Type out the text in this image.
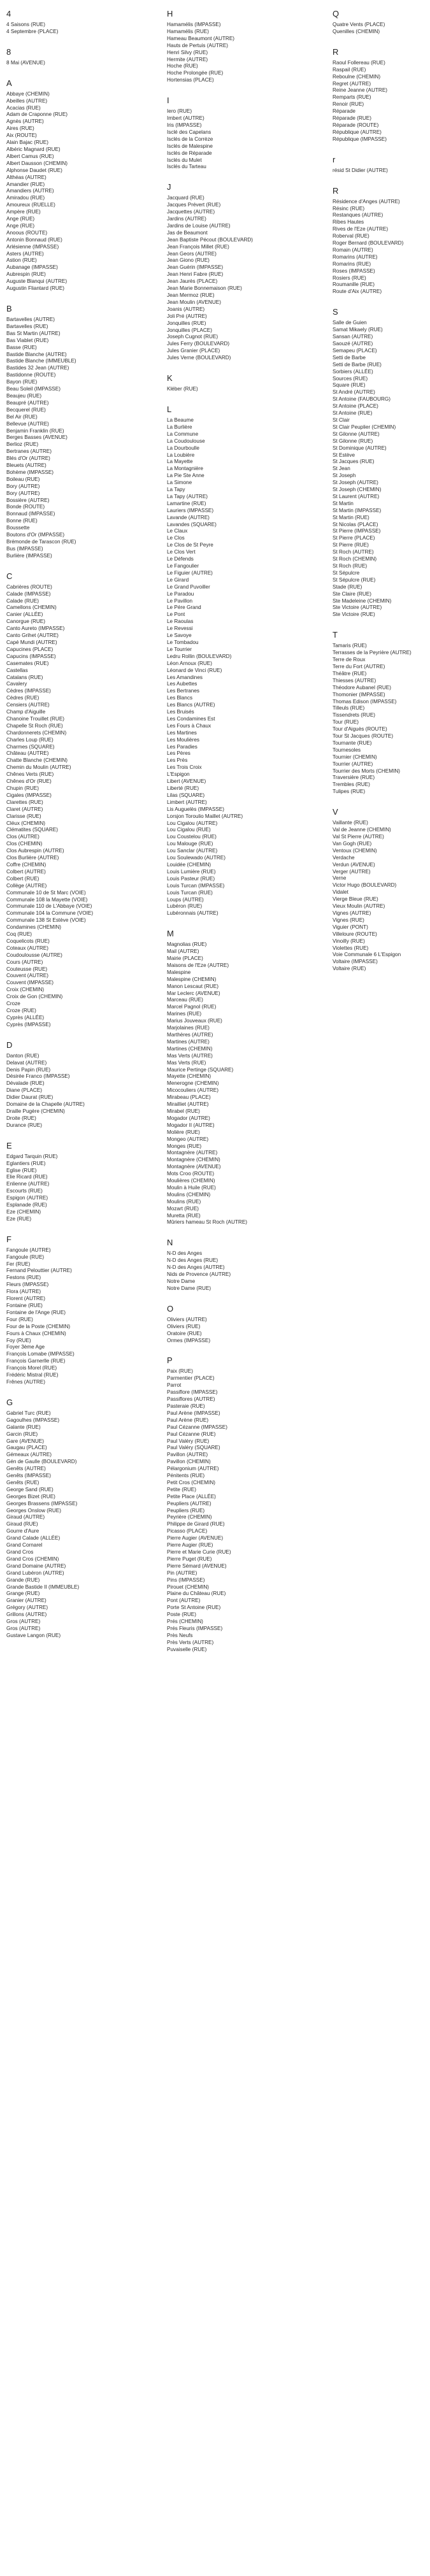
4
4 Saisons (RUE)
4 Septembre (PLACE)
8
8 Mai (AVENUE)
A
Abbaye (CHEMIN)
Abeilles (AUTRE)
Acacias (RUE)
Adam de Craponne (RUE)
Agnès (AUTRE)
Aires (RUE)
Aix (ROUTE)
Alain Bajac (RUE)
Albéric Magnard (RUE)
Albert Camus (RUE)
Albert Dausson (CHEMIN)
Alphonse Daudet (RUE)
Althéas (AUTRE)
Amandier (RUE)
Amandiers (AUTRE)
Amiradou (RUE)
Amoureux (RUELLE)
Ampère (RUE)
Ange (RUE)
Ange (RUE)
Anoous (ROUTE)
Antonin Bonnaud (RUE)
Arlésienne (IMPASSE)
Asters (AUTRE)
Astion (RUE)
Aubanage (IMPASSE)
Aubrespin (RUE)
Auguste Blanqui (AUTRE)
Augustin Fliantard (RUE)
B
Bartavelles (AUTRE)
Bartavelles (RUE)
Bas St Martin (AUTRE)
Bas Viablet (RUE)
Basse (RUE)
Bastide Blanche (AUTRE)
Bastide Blanche (IMMEUBLE)
Bastides 32 Jean (AUTRE)
Bastidonne (ROUTE)
Bayon (RUE)
Beau Soleil (IMPASSE)
Beaujeu (RUE)
Beaupré (AUTRE)
Becquerel (RUE)
Bel Air (RUE)
Bellevue (AUTRE)
Benjamin Franklin (RUE)
Berges Basses (AVENUE)
Berlioz (RUE)
Bertranes (AUTRE)
Blés d'Or (AUTRE)
Bleuets (AUTRE)
Bohème (IMPASSE)
Boileau (RUE)
Bory (AUTRE)
Bory (AUTRE)
Bossière (AUTRE)
Bonde (ROUTE)
Bonnaud (IMPASSE)
Bonne (RUE)
Boussette
Boutons d'Or (IMPASSE)
Brémonde de Tarascon (RUE)
Bus (IMPASSE)
Burlière (IMPASSE)
C
Cabrières (ROUTE)
Calade (IMPASSE)
Calade (RUE)
Camellons (CHEMIN)
Canier (ALLÉE)
Canorgue (RUE)
Canto Aureto (IMPASSE)
Canto Grihet (AUTRE)
Capé Mundi (AUTRE)
Capucines (PLACE)
Capucins (IMPASSE)
Casemates (RUE)
Castellas
Catalans (RUE)
Cavalery
Cèdres (IMPASSE)
Cèdres (RUE)
Censiers (AUTRE)
Champ d'Aiguille
Chanoine Trouillet (RUE)
Chapelle St Roch (RUE)
Chardonnerets (CHEMIN)
Charles Loup (RUE)
Charmes (SQUARE)
Château (AUTRE)
Chatte Blanche (CHEMIN)
Chemin du Moulin (AUTRE)
Chênes Verts (RUE)
Chênes d'Or (RUE)
Chupin (RUE)
Cigales (IMPASSE)
Clarettes (RUE)
Claret (AUTRE)
Clarisse (RUE)
Cléux (CHEMIN)
Clématites (SQUARE)
Clos (AUTRE)
Clos (CHEMIN)
Clos Aubrespin (AUTRE)
Clos Burlière (AUTRE)
Coffre (CHEMIN)
Colbert (AUTRE)
Colbert (RUE)
Collège (AUTRE)
Communale 10 de St Marc (VOIE)
Communale 108 la Mayette (VOIE)
Communale 110 de L'Abbaye (VOIE)
Communale 104 la Commune (VOIE)
Communale 138 St Estève (VOIE)
Condamines (CHEMIN)
Coq (RUE)
Coquelicots (RUE)
Coteaux (AUTRE)
Coudoulousse (AUTRE)
Cours (AUTRE)
Couteusse (RUE)
Couvent (AUTRE)
Couvent (IMPASSE)
Croix (CHEMIN)
Croix de Gon (CHEMIN)
Croze
Croze (RUE)
Cyprès (ALLÉE)
Cyprès (IMPASSE)
D
Danton (RUE)
Delavat (AUTRE)
Denis Papin (RUE)
Désirée Franco (IMPASSE)
Dévalade (RUE)
Diane (PLACE)
Didier Daurat (RUE)
Domaine de la Chapelle (AUTRE)
Draille Pugère (CHEMIN)
Droite (RUE)
Durance (RUE)
E
Edgard Tarquin (RUE)
Eglantiers (RUE)
Eglise (RUE)
Elie Ricard (RUE)
Enlienne (AUTRE)
Escourts (RUE)
Espigon (AUTRE)
Esplanade (RUE)
Eze (CHEMIN)
Eze (RUE)
F
Fangoule (AUTRE)
Fangoule (RUE)
Fer (RUE)
Fernand Pelouttier (AUTRE)
Festons (RUE)
Fleurs (IMPASSE)
Flora (AUTRE)
Florent (AUTRE)
Fontaine (RUE)
Fontaine de l'Ange (RUE)
Four (RUE)
Four de la Poste (CHEMIN)
Fours à Chaux (CHEMIN)
Foy (RUE)
Foyer 3ème Age
François Lomabe (IMPASSE)
François Garnerlle (RUE)
François Morel (RUE)
Frédéric Mistral (RUE)
Frênes (AUTRE)
G
Gabriel Turc (RUE)
Gagoulhes (IMPASSE)
Galante (RUE)
Garcin (RUE)
Gare (AVENUE)
Gaugau (PLACE)
Gémeaux (AUTRE)
Gén de Gaulle (BOULEVARD)
Genêts (AUTRE)
Genêts (IMPASSE)
Genêts (RUE)
George Sand (RUE)
Georges Bizet (RUE)
Georges Brassens (IMPASSE)
Georges Onslow (RUE)
Giraud (AUTRE)
Giraud (RUE)
Gourre d'Aure
Grand Calade (ALLÉE)
Grand Cornarel
Grand Cros
Grand Cros (CHEMIN)
Grand Domaine (AUTRE)
Grand Lubéron (AUTRE)
Grande (RUE)
Grande Bastide II (IMMEUBLE)
Grange (RUE)
Granier (AUTRE)
Grégory (AUTRE)
Grillons (AUTRE)
Gros (AUTRE)
Gros (AUTRE)
Gustave Langon (RUE)
H
Hamamélis (IMPASSE)
Hamamélis (RUE)
Hameau Beaumont (AUTRE)
Hauts de Pertuis (AUTRE)
Henri Silvy (RUE)
Hermite (AUTRE)
Hoche (RUE)
Hoche Prolongée (RUE)
Hortensias (PLACE)
I
Iero (RUE)
Imbert (AUTRE)
Iris (IMPASSE)
Isclé des Capelans
Isclés de la Corrèze
Isclés de Malespine
Isclés de Réparade
Isclés du Mulet
Isclés du Tarteau
J
Jacquard (RUE)
Jacques Prévert (RUE)
Jacquettes (AUTRE)
Jardins (AUTRE)
Jardins de Louise (AUTRE)
Jas de Beaumont
Jean Baptiste Pécout (BOULEVARD)
Jean François Millet (RUE)
Jean Geors (AUTRE)
Jean Giono (RUE)
Jean Guérin (IMPASSE)
Jean Henri Fabre (RUE)
Jean Jaurès (PLACE)
Jean Marie Bonnemaison (RUE)
Jean Mermoz (RUE)
Jean Moulin (AVENUE)
Joanis (AUTRE)
Joli Pré (AUTRE)
Jonquilles (RUE)
Jonquilles (PLACE)
Joseph Cugnot (RUE)
Jules Ferry (BOULEVARD)
Jules Granier (PLACE)
Jules Verne (BOULEVARD)
K
Kléber (RUE)
L
La Beaume
La Burlière
La Commune
La Coudoulouse
La Dourboulle
La Loubière
La Mayette
La Montagnière
La Pie Ste Anne
La Simone
La Tapy
La Tapy (AUTRE)
Lamartine (RUE)
Lauriers (IMPASSE)
Lavande (AUTRE)
Lavandes (SQUARE)
Le Claux
Le Clos
Le Clos de St Peyre
Le Clos Vert
Le Défends
Le Fangoulier
Le Figuier (AUTRE)
Le Girard
Le Grand Puvoiller
Le Paradou
Le Pavillon
Le Pére Grand
Le Pont
Le Raoulas
Le Revessi
Le Savoye
Le Tombadou
Le Tourrier
Ledru Rollin (BOULEVARD)
Léon Arnoux (RUE)
Léonard de Vinci (RUE)
Les Amandines
Les Aubettes
Les Bertranes
Les Blancs
Les Blancs (AUTRE)
Les Bruisés
Les Condamines Est
Les Fours à Chaux
Les Martines
Les Moulières
Les Paradies
Les Pères
Les Près
Les Trois Croix
L'Espigon
Libert (AVENUE)
Liberté (RUE)
Lilas (SQUARE)
Limbert (AUTRE)
Lis Auguelès (IMPASSE)
Lorsjon Toroulio Maillet (AUTRE)
Lou Cigalou (AUTRE)
Lou Cigalou (RUE)
Lou Coustelou (RUE)
Lou Malouge (RUE)
Lou Sanclar (AUTRE)
Lou Soulewado (AUTRE)
Louidée (CHEMIN)
Louis Lumière (RUE)
Louis Pasteur (RUE)
Louis Turcan (IMPASSE)
Louis Turcan (RUE)
Loups (AUTRE)
Lubéron (RUE)
Lubéronnais (AUTRE)
M
Magnolias (RUE)
Mail (AUTRE)
Mairie (PLACE)
Maisons de l'Eze (AUTRE)
Malespine
Malespine (CHEMIN)
Manon Lescaut (RUE)
Mar Leclerc (AVENUE)
Marceau (RUE)
Marcel Pagnol (RUE)
Marines (RUE)
Marius Jouveaux (RUE)
Marjolaines (RUE)
Marthères (AUTRE)
Martines (AUTRE)
Martines (CHEMIN)
Mas Verts (AUTRE)
Mas Verts (RUE)
Maurice Pertinge (SQUARE)
Mayette (CHEMIN)
Menerogne (CHEMIN)
Micocouliers (AUTRE)
Mirabeau (PLACE)
Mirailliet (AUTRE)
Mirabel (RUE)
Mogador (AUTRE)
Mogador II (AUTRE)
Molière (RUE)
Mongeo (AUTRE)
Monges (RUE)
Montagnère (AUTRE)
Montagnère (CHEMIN)
Montagnère (AVENUE)
Mots Croo (ROUTE)
Moulières (CHEMIN)
Moulin à Huile (RUE)
Moulins (CHEMIN)
Moulins (RUE)
Mozart (RUE)
Muretta (RUE)
Mûriers hameau St Roch (AUTRE)
N
N-D des Anges
N-D des Anges (RUE)
N-D des Anges (AUTRE)
Nids de Provence (AUTRE)
Notre Dame
Notre Dame (RUE)
O
Oliviers (AUTRE)
Oliviers (RUE)
Oratoire (RUE)
Ormes (IMPASSE)
P
Paix (RUE)
Parmentier (PLACE)
Parrot
Passiflore (IMPASSE)
Passiflores (AUTRE)
Pasteraie (RUE)
Paul Arène (IMPASSE)
Paul Arène (RUE)
Paul Cézanne (IMPASSE)
Paul Cézanne (RUE)
Paul Valéry (RUE)
Paul Valéry (SQUARE)
Pavillon (AUTRE)
Pavillon (CHEMIN)
Pélargonium (AUTRE)
Pénitents (RUE)
Petit Cros (CHEMIN)
Petite (RUE)
Petite Place (ALLÉE)
Peupliers (AUTRE)
Peupliers (RUE)
Peyrière (CHEMIN)
Philippe de Girard (RUE)
Picasso (PLACE)
Pierre Augier (AVENUE)
Pierre Augier (RUE)
Pierre et Marie Curie (RUE)
Pierre Puget (RUE)
Pierre Sémard (AVENUE)
Pin (AUTRE)
Pins (IMPASSE)
Pirouet (CHEMIN)
Plaine du Château (RUE)
Pont (AUTRE)
Porte St Antoine (RUE)
Poste (RUE)
Prés (CHEMIN)
Prés Fleuris (IMPASSE)
Près Neufs
Près Verts (AUTRE)
Puvaiselle (RUE)
Q
Quatre Vents (PLACE)
Quenilles (CHEMIN)
R
Raoul Follereau (RUE)
Raspail (RUE)
Reboulne (CHEMIN)
Regret (AUTRE)
Reine Jeanne (AUTRE)
Remparts (RUE)
Renoir (RUE)
Réparade
Réparade (RUE)
Réparade (ROUTE)
République (AUTRE)
République (IMPASSE)
r
résid St Didier (AUTRE)
R
Résidence d'Anges (AUTRE)
Résinc (RUE)
Restanques (AUTRE)
Ribes Hautes
Rives de l'Eze (AUTRE)
Roberval (RUE)
Roger Bernard (BOULEVARD)
Romain (AUTRE)
Romarins (AUTRE)
Romarins (RUE)
Roses (IMPASSE)
Rosiers (RUE)
Roumanille (RUE)
Route d'Aix (AUTRE)
S
Salle de Guien
Samat Mikaely (RUE)
Sansan (AUTRE)
Saouzé (AUTRE)
Semapeu (PLACE)
Setti de Barbe
Setti de Barbe (RUE)
Sorbiers (ALLÉE)
Sources (RUE)
Square (RUE)
St André (AUTRE)
St Antoine (FAUBOURG)
St Antoine (PLACE)
St Antoine (RUE)
St Clair
St Clair Peuplier (CHEMIN)
St Gilonne (AUTRE)
St Gilonne (RUE)
St Dominique (AUTRE)
St Estève
St Jacques (RUE)
St Jean
St Joseph
St Joseph (AUTRE)
St Joseph (CHEMIN)
St Laurent (AUTRE)
St Martin
St Martin (IMPASSE)
St Martin (RUE)
St Nicolas (PLACE)
St Pierre (IMPASSE)
St Pierre (PLACE)
St Pierre (RUE)
St Roch (AUTRE)
St Roch (CHEMIN)
St Roch (RUE)
St Sépulcre
St Sépulcre (RUE)
Stade (RUE)
Ste Claire (RUE)
Ste Madeleine (CHEMIN)
Ste Victoire (AUTRE)
Ste Victoire (RUE)
T
Tamaris (RUE)
Terrasses de la Peyrière (AUTRE)
Terre de Roux
Terre du Fort (AUTRE)
Théâtre (RUE)
Thiesses (AUTRE)
Théodore Aubanel (RUE)
Thomonier (IMPASSE)
Thomas Edison (IMPASSE)
Tilleuls (RUE)
Tissendrets (RUE)
Tour (RUE)
Tour d'Aiguès (ROUTE)
Tour St Jacques (ROUTE)
Tournante (RUE)
Tournesoles
Tournier (CHEMIN)
Tourrier (AUTRE)
Tourrier des Morts (CHEMIN)
Traversière (RUE)
Trembles (RUE)
Tulipes (RUE)
V
Vaillante (RUE)
Val de Jeanne (CHEMIN)
Val St Pierre (AUTRE)
Van Gogh (RUE)
Ventoux (CHEMIN)
Verdache
Verdun (AVENUE)
Verger (AUTRE)
Verne
Victor Hugo (BOULEVARD)
Vidalet
Vierge Bleue (RUE)
Vieux Moulin (AUTRE)
Vignes (AUTRE)
Vignes (RUE)
Viguier (PONT)
Villeloure (ROUTE)
Vinoilly (RUE)
Violettes (RUE)
Voie Communale 6 L'Espigon
Voltaire (IMPASSE)
Voltaire (RUE)
